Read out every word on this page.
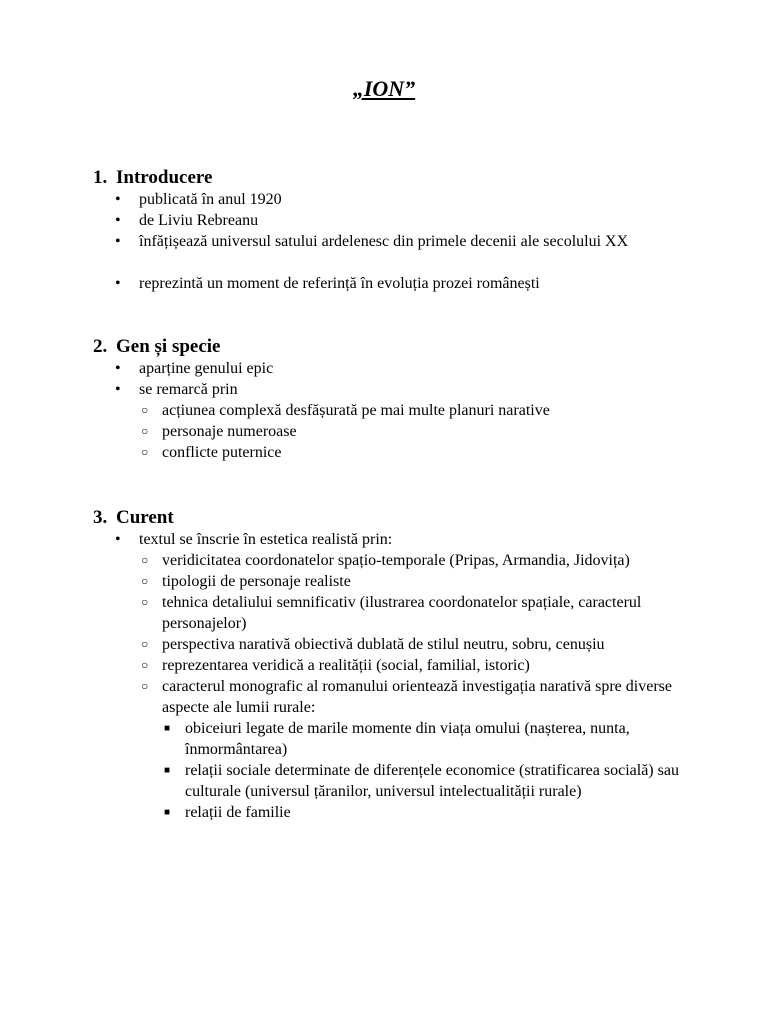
„ION”
1. Introducere
• publicată în anul 1920
• de Liviu Rebreanu
• înfățișează universul satului ardelenesc din primele decenii ale secolului XX
• reprezintă un moment de referință în evoluția prozei românești
2. Gen și specie
• aparține genului epic
• se remarcă prin
○ acțiunea complexă desfășurată pe mai multe planuri narative
○ personaje numeroase
○ conflicte puternice
3. Curent
• textul se înscrie în estetica realistă prin:
○ veridicitatea coordonatelor spațio-temporale (Pripas, Armandia, Jidovița)
○ tipologii de personaje realiste
○ tehnica detaliului semnificativ (ilustrarea coordonatelor spațiale, caracterul personajelor)
○ perspectiva narativă obiectivă dublată de stilul neutru, sobru, cenușiu
○ reprezentarea veridică a realității (social, familial, istoric)
○ caracterul monografic al romanului orientează investigația narativă spre diverse aspecte ale lumii rurale:
■ obiceiuri legate de marile momente din viața omului (nașterea, nunta, înmormântarea)
■ relații sociale determinate de diferențele economice (stratificarea socială) sau culturale (universul țăranilor, universul intelectualității rurale)
■ relații de familie
